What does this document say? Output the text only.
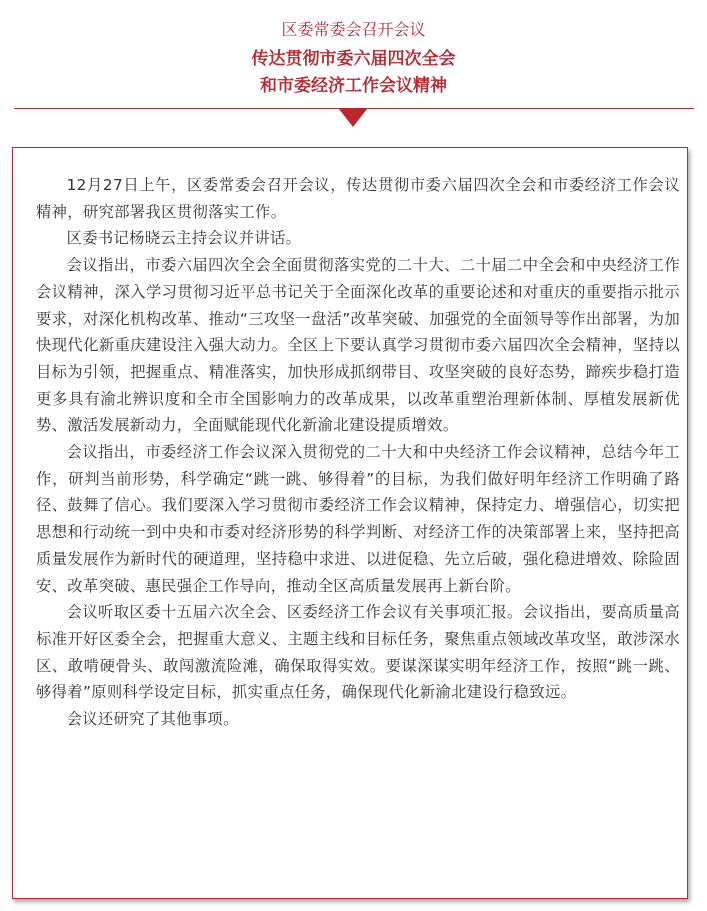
区委常委会召开会议
传达贯彻市委六届四次全会
和市委经济工作会议精神

12月27日上午，区委常委会召开会议，传达贯彻市委六届四次全会和市委经济工作会议精神，研究部署我区贯彻落实工作。

区委书记杨晓云主持会议并讲话。

会议指出，市委六届四次全会全面贯彻落实党的二十大、二十届二中全会和中央经济工作会议精神，深入学习贯彻习近平总书记关于全面深化改革的重要论述和对重庆的重要指示批示要求，对深化机构改革、推动“三攻坚一盘活”改革突破、加强党的全面领导等作出部署，为加快现代化新重庆建设注入强大动力。全区上下要认真学习贯彻市委六届四次全会精神，坚持以目标为引领，把握重点、精准落实，加快形成抓纲带目、攻坚突破的良好态势，蹄疾步稳打造更多具有渝北辨识度和全市全国影响力的改革成果，以改革重塑治理新体制、厚植发展新优势、激活发展新动力，全面赋能现代化新渝北建设提质增效。

会议指出，市委经济工作会议深入贯彻党的二十大和中央经济工作会议精神，总结今年工作，研判当前形势，科学确定“跳一跳、够得着”的目标，为我们做好明年经济工作明确了路径、鼓舞了信心。我们要深入学习贯彻市委经济工作会议精神，保持定力、增强信心，切实把思想和行动统一到中央和市委对经济形势的科学判断、对经济工作的决策部署上来，坚持把高质量发展作为新时代的硬道理，坚持稳中求进、以进促稳、先立后破，强化稳进增效、除险固安、改革突破、惠民强企工作导向，推动全区高质量发展再上新台阶。

会议听取区委十五届六次全会、区委经济工作会议有关事项汇报。会议指出，要高质量高标准开好区委全会，把握重大意义、主题主线和目标任务，聚焦重点领域改革攻坚，敢涉深水区、敢啃硬骨头、敢闯激流险滩，确保取得实效。要谋深谋实明年经济工作，按照“跳一跳、够得着”原则科学设定目标，抓实重点任务，确保现代化新渝北建设行稳致远。

会议还研究了其他事项。
